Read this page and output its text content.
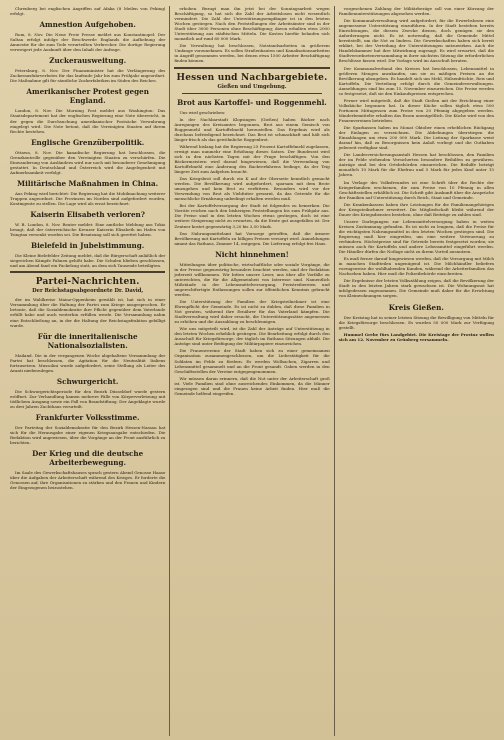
Chrenberg bei englischen Angriffen auf Afaka (8 Meilen von Peking) erfolgt.

Amnestion Aufgehoben.

Rom, 8. Nov. Die Neue Freie Presse meldet aus Konstantinopel: Der Sultan erfolgt infolge der Beschwerde Englands die Aufhebung der Amnestie für die zum Tode verurteilten Verbrecher. Die dortige Regierung verweigert jede Auskunft über den Inhalt der Anfrage.

Zuckerausweitung.

Petersburg, 8. Nov. Der Finanzminister hat die Verlängerung des Zuckerausfuhrverbotes für das laufende Jahr bis zum Frühjahr angeordnet. Die Maßnahme gilt für sämtliche Zuckerfabriken im Süden des Reiches.

Amerikanischer Protest gegen England.

London, 8. Nov. Die Morning Post meldet aus Washington: Das Staatsdepartement hat der englischen Regierung eine Note überreicht, in der gegen die Durchsuchung amerikanischer Postsäcke Verwahrung eingelegt wird. Die Note betont, daß die Vereinigten Staaten auf ihrem Rechte bestehen.

Englische Grenzüberpolitik.

Ottawa, 8. Nov. Die kanadische Regierung hat beschlossen, die Grenzkontrolle gegenüber den Vereinigten Staaten zu verschärfen. Die Einwanderung von Ausländern wird nur noch mit besonderer Genehmigung gestattet. In Deutschland und Österreich wird die Angelegenheit mit Aufmerksamkeit verfolgt.

Militärische Maßnahmen in China.

Aus Peking wird berichtet: Die Regierung hat die Mobilmachung weiterer Truppen angeordnet. Die Provinzen im Norden sind aufgefordert worden, Kontingente zu stellen. Die Lage wird als ernst bezeichnet.

Kaiserin Elisabeth verloren?

W. B. London, 8. Nov. Reuter meldet: Eine amtliche Meldung aus Tokio besagt, daß der österreichische Kreuzer Kaiserin Elisabeth im Hafen von Tsingtau versenkt worden sei. Die Besatzung soll sich gerettet haben.

Bielefeld in Jubelstimmung.

Die Kleine Bielefelder Zeitung meldet, daß die Bürgerschaft anläßlich der siegreichen Kämpfe Fahnen gehißt habe. Die Schulen blieben geschlossen, und am Abend fand ein Fackelzug statt, an dem sich Tausende beteiligten.

Partei-Nachrichten.
Der Reichstagsabgeordnete Dr. David,

der im Wahlkreise Mainz-Oppenheim gewählt ist, hat sich in einer Versammlung über die Haltung der Partei zum Kriege ausgesprochen. Er betonte, daß die Sozialdemokratie ihre Pflicht gegenüber dem Vaterlande erfüllt habe und auch weiterhin erfüllen werde. Die Versammlung nahm eine Entschließung an, in der die Haltung der Reichstagsfraktion gebilligt wurde.

Für die inneritalienische Nationalsozialisten.

Mailand. Die in der vergangenen Woche abgehaltene Versammlung der Partei hat beschlossen, die Agitation für die Neutralität Italiens fortzusetzen. Mussolini wurde aufgefordert, seine Stellung als Leiter des Avanti niederzulegen.

Schwurgericht.

Die Schwurgerichtsperiode für den Bezirk Düsseldorf wurde gestern eröffnet. Zur Verhandlung kamen mehrere Fälle von Körperverletzung mit tödlichem Ausgang sowie ein Fall von Brandstiftung. Der Angeklagte wurde zu drei Jahren Zuchthaus verurteilt.

Frankfurter Volksstimme.

Der Parteitag der Sozialdemokratie für den Bezirk Hessen-Nassau hat sich für die Herausgabe einer eigenen Kriegsausgabe entschieden. Die Redaktion wird angewiesen, über die Vorgänge an der Front ausführlich zu berichten.

Der Krieg und die deutsche Arbeiterbewegung.

Im Saale des Gewerkschaftshauses sprach gestern Abend Genosse Haase über die Aufgaben der Arbeiterschaft während des Krieges. Er forderte die Genossen auf, ihre Organisationen zu stärken und den Frauen und Kindern der Eingezogenen beizustehen.

erhoben. Bezugt man ihn jetzt bei der Sonntagsarbeit wegen Beschäftigung, so hat sich die Zahl der Arbeitslosen nicht wesentlich vermindert. Die Zahl der Unterstützungsempfänger ist in den letzten Wochen gestiegen. Nach den Feststellungen der Arbeitsämter sind in der Stadt über 3000 Personen ohne Beschäftigung; davon erhalten etwa 2000 Unterstützung aus städtischen Mitteln. Die Kosten hierfür belaufen sich monatlich auf rund 60 000 Mark.

Die Verwaltung hat beschlossen, Notstandsarbeiten in größerem Umfange vorzunehmen. Es sollen Straßenbauten und Kanalisationsarbeiten in Angriff genommen werden, bei denen etwa 1500 Arbeiter Beschäftigung finden können.

Hessen und Nachbargebiete.
Gießen und Umgebung.
Brot aus Kartoffel- und Roggenmehl.

Uns wird geschrieben:

In der Nachbarstadt Klopsingen (Gießen) haben Bäcker nach Anregungen des Kreisamtes begonnen, Brot aus einem Gemisch von Roggenmehl und Kartoffelmehl herzustellen. Das Ergebnis wird als durchaus befriedigend bezeichnet. Das Brot ist schmackhaft und hält sich länger frisch als das gewöhnliche Roggenbrot.

Während bislang hat die Regierung 25 Prozent Kartoffelmehl zugelassen, erwägt man nunmehr eine Erhöhung dieses Satzes. Der Bundesrat wird sich in den nächsten Tagen mit der Frage beschäftigen. Von den Bäckermeistern wird darauf hingewiesen, daß die Verwendung von Kartoffelmehl eine Änderung des Backverfahrens bedinge, da der Teig längere Zeit zum Aufgehen braucht.

Das Kriegsbrot soll durch ein K auf der Oberseite kenntlich gemacht werden. Die Bevölkerung wird aufgefordert, sparsam mit dem Brote umzugehen und kein Brot zu verfüttern. Besonders wird vor der Verwendung von Brot als Viehfutter gewarnt, da das Getreide für die menschliche Ernährung unbedingt erhalten werden muß.

Bei der Kartoffelversorgung der Stadt ist folgendes zu bemerken: Die Vorräte reichen nach den bisherigen Feststellungen bis zum Frühjahr aus. Die Preise sind in den letzten Wochen etwas gestiegen, doch ist eine weitere Steigerung nicht zu erwarten, da die Ernte gut ausgefallen ist. Der Zentner kostet gegenwärtig 3,20 bis 3,50 Mark.

Das Nahrungsmittelamt hat Vorsorge getroffen, daß die ärmere Bevölkerung mit Kartoffeln zu billigen Preisen versorgt wird. Anmeldungen nimmt das Rathaus, Zimmer 14, entgegen. Die Lieferung erfolgt frei Haus.

Nicht hinnehmen!

Mitteilungen über politische, wirtschaftliche oder soziale Vorgänge, die in der Presse gegenwärtig besonders beachtet werden, sind der Redaktion jederzeit willkommen. Wir bitten unsere Leser, uns über alle Vorfälle zu unterrichten, die für die Allgemeinheit von Interesse sind. Namentlich Mißstände in der Lebensmittelversorgung, Preistreibereien und ungerechtfertigte Entlassungen sollen zur öffentlichen Kenntnis gebracht werden.

Die Unterstützung der Familien der Kriegsteilnehmer ist eine Ehrenpflicht der Gemeinde. Es ist nicht zu dulden, daß diese Familien in Not geraten, während ihre Ernährer für das Vaterland kämpfen. Die Stadtverwaltung wird daher ersucht, die Unterstützungssätze angemessen zu erhöhen und die Auszahlung zu beschleunigen.

Wie uns mitgeteilt wird, ist die Zahl der Anträge auf Unterstützung in den letzten Wochen erheblich gestiegen. Die Bearbeitung erfolgt durch den Ausschuß für Kriegsfürsorge, der täglich im Rathaus Sitzungen abhält. Die Anträge sind unter Beifügung der Militärpapiere einzureichen.

Die Frauenvereine der Stadt haben sich zu einer gemeinsamen Organisation zusammengeschlossen, um die Liebestätigkeit für die Soldaten im Felde zu fördern. Es werden Wollsachen, Zigarren und Lebensmittel gesammelt und an die Front gesandt. Gaben werden in den Geschäftsstellen der Vereine entgegengenommen.

Wir müssen daran erinnern, daß die Not unter der Arbeiterschaft groß ist. Viele Familien sind ohne ausreichendes Einkommen, da die Männer eingezogen sind und die Frauen keine Arbeit finden. Hier muß die Gemeinde helfend eingreifen.

vorgesehenen Zahlung der Militärbezüge soll von einer Kürzung der Familienunterstützungen abgesehen werden.

Die Kommunalverwaltung wird aufgefordert, für die Erwerbslosen eine angemessene Unterstützung einzuführen. In der Stadt bestehen bereits Einrichtungen, die diesem Zwecke dienen, doch genügen sie den Anforderungen nicht. Es ist notwendig, daß die Gemeinde Mittel bereitstellt, um die Not zu lindern. Die Gewerkschaften haben sich bereit erklärt, bei der Verteilung der Unterstützungen mitzuwirken. Auch die Handelskammer hat ihre Mitwirkung zugesagt. Es wird erwartet, daß die Stadtverordnetenversammlung in ihrer nächsten Sitzung die erforderlichen Beschlüsse fassen wird. Die Vorlage wird im Ausschuß beraten.

Der Kommunalverband des Kreises hat beschlossen, Lebensmittel in größeren Mengen anzukaufen, um sie zu mäßigen Preisen an die Bevölkerung abzugeben. Es handelt sich um Mehl, Hülsenfrüchte, Reis und Kartoffeln. Die Verteilung erfolgt durch die Gemeindeverwaltungen. Anmeldungen sind bis zum 15. November einzureichen. Die Preise werden so festgesetzt, daß sie den Einkaufspreisen entsprechen.

Ferner wird mitgeteilt, daß die Stadt Gießen mit der Errichtung einer Volksküche begonnen hat. In dieser Küche sollen täglich etwa 500 Portionen Mittagessen zum Preise von 20 Pfennig abgegeben werden. Minderbemittelte erhalten das Essen unentgeltlich. Die Küche wird von den Frauenvereinen betrieben.

Die Sparkassen haben im Monat Oktober einen erheblichen Rückgang der Einlagen zu verzeichnen. Die Abhebungen überstiegen die Einzahlungen um etwa 200 000 Mark. Die Leitung der Sparkasse weist darauf hin, daß zu Besorgnissen kein Anlaß vorliegt und die Guthaben jederzeit verfügbar sind.

Die Landesversicherungsanstalt Hessen hat beschlossen, den Familien der im Felde stehenden Versicherten besondere Beihilfen zu gewähren. Anträge sind bei den Ortsbehörden einzureichen. Die Beihilfe beträgt monatlich 10 Mark für die Ehefrau und 5 Mark für jedes Kind unter 15 Jahren.

Im Verlage des Volksfreundes ist eine Schrift über die Rechte der Kriegerfamilien erschienen, die zum Preise von 10 Pfennig in allen Geschäftsstellen erhältlich ist. Die Schrift gibt Auskunft über die Ansprüche der Familien auf Unterstützung durch Reich, Staat und Gemeinde.

Die Krankenkassen haben ihre Leistungen für die Familienangehörigen der Kriegsteilnehmer erweitert. Die Mitgliedschaft bleibt während der Dauer des Kriegsdienstes bestehen, ohne daß Beiträge zu zahlen sind.

Unsere Darlegungen zur Lebensmittelversorgung haben in weiten Kreisen Zustimmung gefunden. Es ist nicht zu leugnen, daß die Preise für die wichtigsten Nahrungsmittel in den letzten Wochen gestiegen sind. Die Regierung muß hier eingreifen, um eine weitere Verteuerung zu verhindern. Höchstpreise sind für Getreide bereits festgesetzt worden; sie müssen auch für Kartoffeln und andere Lebensmittel eingeführt werden. Die Händler dürfen die Notlage nicht zu ihrem Vorteil ausnutzen.

Es muß ferner darauf hingewiesen werden, daß die Versorgung mit Milch in manchen Stadtteilen ungenügend ist. Die Milchhändler beliefern vorzugsweise die wohlhabenden Kunden, während die Arbeiterfamilien das Nachsehen haben. Hier muß die Polizeibehörde einschreiten.

Die Ergebnisse der letzten Volkszählung zeigen, daß die Bevölkerung der Stadt in den letzten Jahren stark gewachsen ist. Die Wohnungsnot hat infolgedessen zugenommen. Die Gemeinde muß daher für die Errichtung von Kleinwohnungen sorgen.

Kreis Gießen.

Der Kreistag hat in seiner letzten Sitzung die Bewilligung von Mitteln für die Kriegsfürsorge beschlossen. Es wurden 50 000 Mark zur Verfügung gestellt.

Hummel Grebe fürs Landgebiet. Die Kreistage der Provinz wollen sich am 12. November zu Grünberg versammeln.
